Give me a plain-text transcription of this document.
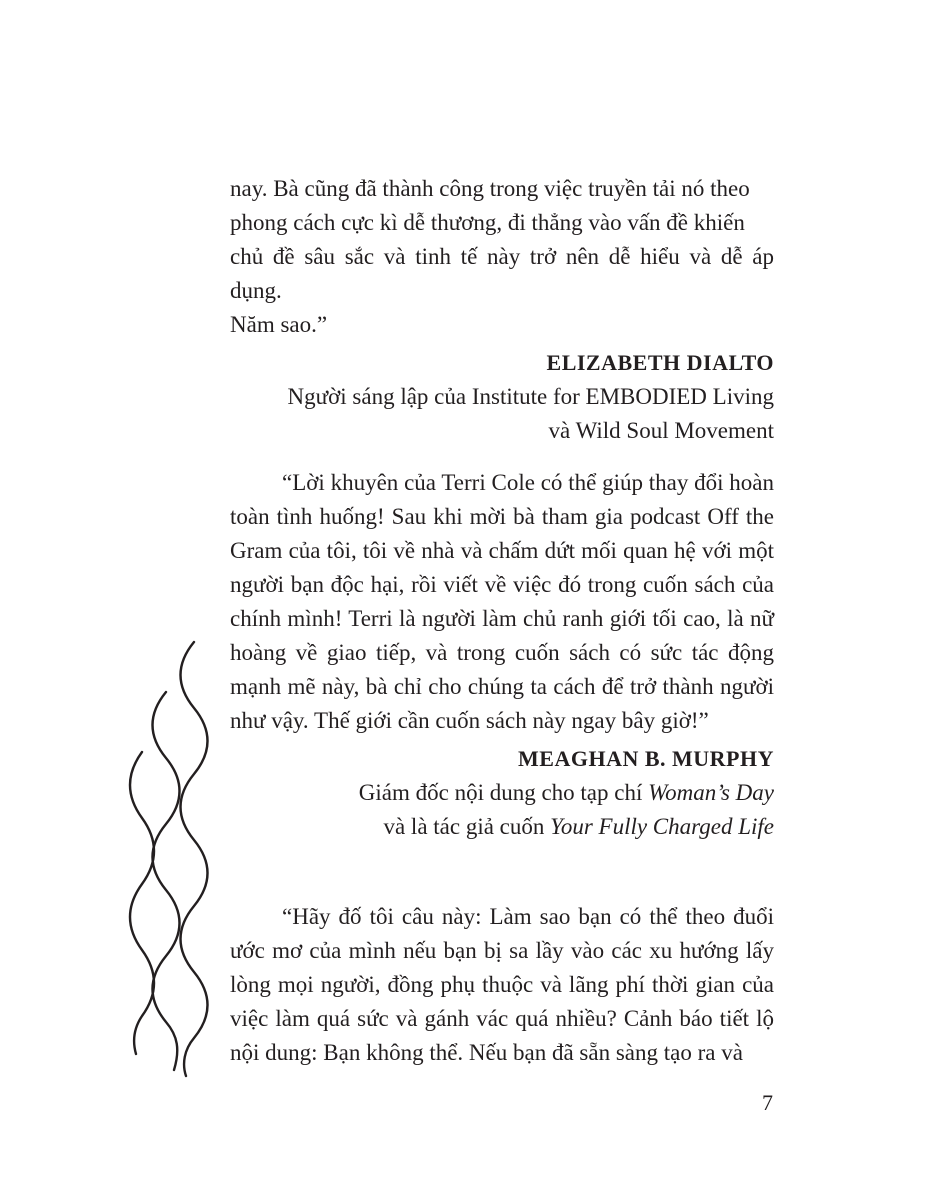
nay. Bà cũng đã thành công trong việc truyền tải nó theo

phong cách cực kì dễ thương, đi thẳng vào vấn đề khiến

chủ đề sâu sắc và tinh tế này trở nên dễ hiểu và dễ áp dụng.

Năm sao.”

ELIZABETH DIALTO

Người sáng lập của Institute for EMBODIED Living

và Wild Soul Movement

“Lời khuyên của Terri Cole có thể giúp thay đổi hoàn toàn tình huống! Sau khi mời bà tham gia podcast Off the Gram của tôi, tôi về nhà và chấm dứt mối quan hệ với một người bạn độc hại, rồi viết về việc đó trong cuốn sách của chính mình! Terri là người làm chủ ranh giới tối cao, là nữ hoàng về giao tiếp, và trong cuốn sách có sức tác động mạnh mẽ này, bà chỉ cho chúng ta cách để trở thành người như vậy. Thế giới cần cuốn sách này ngay bây giờ!”

MEAGHAN B. MURPHY

Giám đốc nội dung cho tạp chí Woman’s Day

và là tác giả cuốn Your Fully Charged Life

“Hãy đố tôi câu này: Làm sao bạn có thể theo đuổi ước mơ của mình nếu bạn bị sa lầy vào các xu hướng lấy lòng mọi người, đồng phụ thuộc và lãng phí thời gian của việc làm quá sức và gánh vác quá nhiều? Cảnh báo tiết lộ nội dung: Bạn không thể. Nếu bạn đã sẵn sàng tạo ra và

7
